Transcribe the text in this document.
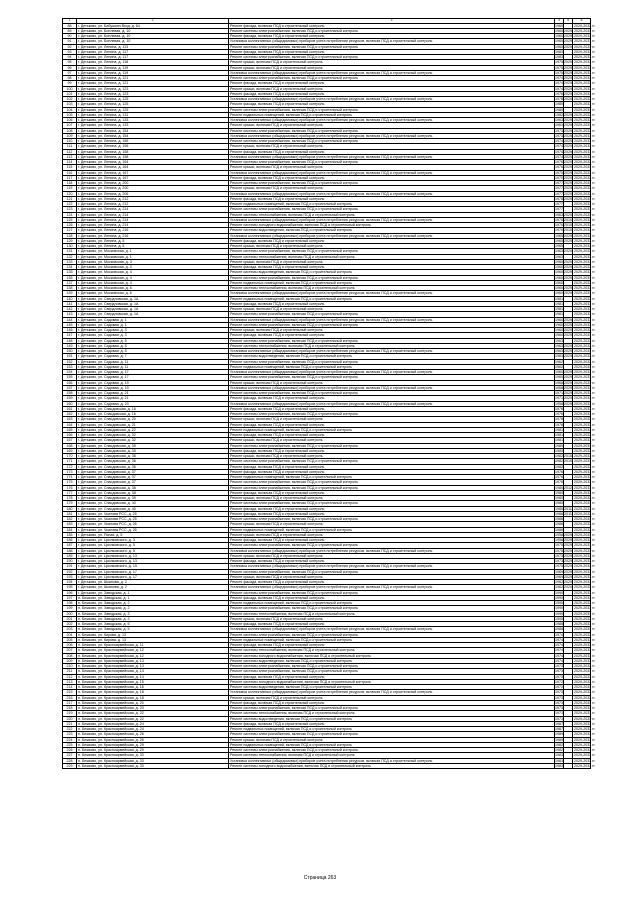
1	2	3	4	5	6
88	г. Детьково, ул. Бабушкин Вход, д. 64	Ремонт фасада, включая ПСД и строительный контроль	1960		2029-2033 гг.
89	г. Детьково, ул. Бонлевая, д. 10	Ремонт системы электроснабжения, включая ПСД и строительный контроль	1960	2029	2029-2033 гг.
90	г. Детьково, ул. Бонлевая, д. 10	Ремонт фасада, включая ПСД и строительный контроль	1960	2029	2029-2033 гг.
91	г. Детьково, ул. Бонлевая, д. 10	Установка коллективных (общедомовых) приборов учета потребления ресурсов, включая ПСД и строительный контроль	1960	2029	2029-2033 гг.
92	г. Детьково, ул. Ленина, д. 113	Ремонт системы электроснабжения, включая ПСД и строительный контроль	1960	2029	2029-2033 гг.
93	г. Детьково, ул. Ленина, д. 117	Ремонт фасада, включая ПСД и строительный контроль	1983		2029-2033 гг.
94	г. Детьково, ул. Ленина, д. 117	Ремонт системы электроснабжения, включая ПСД и строительный контроль	1983		2029-2033 гг.
95	г. Детьково, ул. Ленина, д. 118	Ремонт крыши, включая ПСД и строительный контроль	1975	2029	2029-2033 гг.
96	г. Детьково, ул. Ленина, д. 119	Ремонт крыши, включая ПСД и строительный контроль	1975	2029	2029-2033 гг.
97	г. Детьково, ул. Ленина, д. 119	Установка коллективных (общедомовых) приборов учета потребления ресурсов, включая ПСД и строительный контроль	1975	2029	2029-2033 гг.
98	г. Детьково, ул. Ленина, д. 121	Ремонт системы электроснабжения, включая ПСД и строительный контроль	1974	2029	2029-2033 гг.
99	г. Детьково, ул. Ленина, д. 121	Ремонт фасада, включая ПСД и строительный контроль	1974	2029	2029-2033 гг.
100	г. Детьково, ул. Ленина, д. 123	Ремонт крыши, включая ПСД и строительный контроль	1974	2029	2029-2033 гг.
101	г. Детьково, ул. Ленина, д. 123	Ремонт фасада, включая ПСД и строительный контроль	1978	2029	2029-2033 гг.
102	г. Детьково, ул. Ленина, д. 125	Установка коллективных (общедомовых) приборов учета потребления ресурсов, включая ПСД и строительный контроль	1978	2029	2029-2033 гг.
103	г. Детьково, ул. Ленина, д. 125	Ремонт фасада, включая ПСД и строительный контроль	1980		2029-2033 гг.
104	г. Детьково, ул. Ленина, д. 125	Ремонт системы электроснабжения, включая ПСД и строительный контроль	1980		2029-2033 гг.
105	г. Детьково, ул. Ленина, д. 131	Ремонт подвальных помещений, включая ПСД и строительный контроль	1982	2029	2029-2033 гг.
106	г. Детьково, ул. Ленина, д. 133	Установка коллективных (общедомовых) приборов учета потребления ресурсов, включая ПСД и строительный контроль	1963	2029	2029-2033 гг.
107	г. Детьково, ул. Ленина, д. 133	Ремонт крыши, включая ПСД и строительный контроль	1963	2029	2029-2033 гг.
108	г. Детьково, ул. Ленина, д. 154	Ремонт системы электроснабжения, включая ПСД и строительный контроль	1973	2029	2029-2033 гг.
109	г. Детьково, ул. Ленина, д. 154	Установка коллективных (общедомовых) приборов учета потребления ресурсов, включая ПСД и строительный контроль	1973	2029	2029-2033 гг.
110	г. Детьково, ул. Ленина, д. 156	Ремонт системы электроснабжения, включая ПСД и строительный контроль	1974	2029	2029-2033 гг.
111	г. Детьково, ул. Ленина, д. 156	Ремонт крыши, включая ПСД и строительный контроль	1974	2029	2029-2033 гг.
112	г. Детьково, ул. Ленина, д. 158	Ремонт фасада, включая ПСД и строительный контроль	1974	2029	2029-2033 гг.
113	г. Детьково, ул. Ленина, д. 158	Установка коллективных (общедомовых) приборов учета потребления ресурсов, включая ПСД и строительный контроль	1974	2029	2029-2033 гг.
114	г. Детьково, ул. Ленина, д. 164	Ремонт системы электроснабжения, включая ПСД и строительный контроль	1976	2029	2029-2033 гг.
115	г. Детьково, ул. Ленина, д. 164	Ремонт крыши, включая ПСД и строительный контроль	1976	2029	2029-2033 гг.
116	г. Детьково, ул. Ленина, д. 167	Установка коллективных (общедомовых) приборов учета потребления ресурсов, включая ПСД и строительный контроль	1970	2029	2029-2033 гг.
117	г. Детьково, ул. Ленина, д. 167	Ремонт фасада, включая ПСД и строительный контроль	1970	2029	2029-2033 гг.
118	г. Детьково, ул. Ленина, д. 200	Ремонт системы электроснабжения, включая ПСД и строительный контроль	1977	2029	2029-2033 гг.
119	г. Детьково, ул. Ленина, д. 200	Ремонт крыши, включая ПСД и строительный контроль	1977	2029	2029-2033 гг.
120	г. Детьково, ул. Ленина, д. 206	Установка коллективных (общедомовых) приборов учета потребления ресурсов, включая ПСД и строительный контроль	1977	2029	2029-2033 гг.
121	г. Детьково, ул. Ленина, д. 212	Ремонт фасада, включая ПСД и строительный контроль	1978	2029	2029-2033 гг.
122	г. Детьково, ул. Ленина, д. 212	Ремонт подвальных помещений, включая ПСД и строительный контроль	1977		2029-2033 гг.
123	г. Детьково, ул. Ленина, д. 214	Ремонт системы электроснабжения, включая ПСД и строительный контроль	1977		2029-2033 гг.
124	г. Детьково, ул. Ленина, д. 214	Ремонт системы теплоснабжения, включая ПСД и строительный контроль	1963	2029	2029-2033 гг.
125	г. Детьково, ул. Ленина, д. 214	Установка коллективных (общедомовых) приборов учета потребления ресурсов, включая ПСД и строительный контроль	1970	2010	2029-2033 гг.
126	г. Детьково, ул. Ленина, д. 214	Ремонт системы холодного водоснабжения, включая ПСД и строительный контроль	1970	2010	2029-2033 гг.
127	г. Детьково, ул. Ленина, д. 216	Ремонт системы водоотведения, включая ПСД и строительный контроль	1970	2010	2029-2033 гг.
128	г. Детьково, ул. Ленина, д. 216	Установка коллективных (общедомовых) приборов учета потребления ресурсов, включая ПСД и строительный контроль	1965	2029	2029-2033 гг.
129	г. Детьково, ул. Ленина, д. 5	Ремонт фасада, включая ПСД и строительный контроль	1965	2029	2029-2033 гг.
130	г. Детьково, ул. Ленина, д. 5	Ремонт крыши, включая ПСД и строительный контроль	1965		2029-2033 гг.
131	г. Детьково, ул. Московская, д. 1	Ремонт системы электроснабжения, включая ПСД и строительный контроль	1963	2029	2029-2033 гг.
132	г. Детьково, ул. Московская, д. 1	Ремонт системы теплоснабжения, включая ПСД и строительный контроль	1963		2029-2033 гг.
133	г. Детьково, ул. Московская, д. 3	Ремонт крыши, включая ПСД и строительный контроль	1960	2029	2029-2033 гг.
134	г. Детьково, ул. Московская, д. 3	Ремонт фасада, включая ПСД и строительный контроль	1960	2029	2029-2033 гг.
135	г. Детьково, ул. Московская, д. 4	Ремонт системы водоотведения, включая ПСД и строительный контроль	1960	2029	2029-2033 гг.
136	г. Детьково, ул. Московская, д. 4	Ремонт системы электроснабжения, включая ПСД и строительный контроль	1960	2029	2029-2033 гг.
137	г. Детьково, ул. Московская, д. 4	Ремонт подвальных помещений, включая ПСД и строительный контроль	1960		2029-2033 гг.
138	г. Детьково, ул. Московская, д. 6	Ремонт системы теплоснабжения, включая ПСД и строительный контроль	1960	2029	2029-2033 гг.
139	г. Детьково, ул. Московская, д. 6	Установка коллективных (общедомовых) приборов учета потребления ресурсов, включая ПСД и строительный контроль	1960	2029	2029-2033 гг.
140	г. Детьково, ул. Свердловская, д. 1А	Ремонт подвальных помещений, включая ПСД и строительный контроль	1981		2029-2033 гг.
141	г. Детьково, ул. Свердловская, д. 1А	Ремонт фасада, включая ПСД и строительный контроль	1981		2029-2033 гг.
142	г. Детьково, ул. Свердловская, д. 1А	Ремонт крыши, включая ПСД и строительный контроль	1981		2029-2033 гг.
143	г. Детьково, ул. Свердловская, д. 1А	Ремонт системы электроснабжения, включая ПСД и строительный контроль	1981		2029-2033 гг.
144	г. Детьково, ул. Садовая, д. 1	Установка коллективных (общедомовых) приборов учета потребления ресурсов, включая ПСД и строительный контроль	1960	2029	2029-2033 гг.
145	г. Детьково, ул. Садовая, д. 1	Ремонт системы электроснабжения, включая ПСД и строительный контроль	1960	2029	2029-2033 гг.
146	г. Детьково, ул. Садовая, д. 3	Ремонт крыши, включая ПСД и строительный контроль	1960	2029	2029-2033 гг.
147	г. Детьково, ул. Садовая, д. 3	Ремонт фасада, включая ПСД и строительный контроль	1960	2029	2029-2033 гг.
148	г. Детьково, ул. Садовая, д. 5	Ремонт системы электроснабжения, включая ПСД и строительный контроль	1963		2029-2033 гг.
149	г. Детьково, ул. Садовая, д. 5	Ремонт системы теплоснабжения, включая ПСД и строительный контроль	1963	2029	2029-2033 гг.
150	г. Детьково, ул. Садовая, д. 5	Установка коллективных (общедомовых) приборов учета потребления ресурсов, включая ПСД и строительный контроль	1963	2029	2029-2033 гг.
151	г. Детьково, ул. Садовая, д. 7	Ремонт системы водоотведения, включая ПСД и строительный контроль	1963	2029	2029-2033 гг.
152	г. Детьково, ул. Садовая, д. 11	Ремонт системы электроснабжения, включая ПСД и строительный контроль	1962		2029-2033 гг.
153	г. Детьково, ул. Садовая, д. 11	Ремонт подвальных помещений, включая ПСД и строительный контроль	1962		2029-2033 гг.
154	г. Детьково, ул. Садовая, д. 17	Установка коллективных (общедомовых) приборов учета потребления ресурсов, включая ПСД и строительный контроль	1960	2029	2029-2033 гг.
155	г. Детьково, ул. Садовая, д. 17	Ремонт системы электроснабжения, включая ПСД и строительный контроль	1960	2029	2029-2033 гг.
156	г. Детьково, ул. Садовая, д. 19	Ремонт крыши, включая ПСД и строительный контроль	1968	2029	2029-2033 гг.
157	г. Детьково, ул. Садовая, д. 19	Установка коллективных (общедомовых) приборов учета потребления ресурсов, включая ПСД и строительный контроль	1968	2029	2029-2033 гг.
158	г. Детьково, ул. Садовая, д. 21	Ремонт системы электроснабжения, включая ПСД и строительный контроль	1971	2029	2029-2033 гг.
159	г. Детьково, ул. Садовая, д. 21	Ремонт фасада, включая ПСД и строительный контроль	1971	2029	2029-2033 гг.
160	г. Детьково, ул. Садовая, д. 23	Установка коллективных (общедомовых) приборов учета потребления ресурсов, включая ПСД и строительный контроль	1958	2029	2029-2033 гг.
161	г. Детьково, ул. Спасдовская, д. 16	Ремонт фасада, включая ПСД и строительный контроль	1976		2029-2033 гг.
162	г. Детьково, ул. Спасдовская, д. 16	Ремонт системы электроснабжения, включая ПСД и строительный контроль	1976		2029-2033 гг.
163	г. Детьково, ул. Спасдовская, д. 20	Ремонт крыши, включая ПСД и строительный контроль	1978		2029-2033 гг.
164	г. Детьково, ул. Спасдовская, д. 21	Ремонт фасада, включая ПСД и строительный контроль	1978		2029-2033 гг.
165	г. Детьково, ул. Спасдовская, д. 22	Ремонт подвальных помещений, включая ПСД и строительный контроль	1981		2029-2033 гг.
166	г. Детьково, ул. Спасдовская, д. 32	Ремонт фасада, включая ПСД и строительный контроль	1981		2029-2033 гг.
167	г. Детьково, ул. Спасдовская, д. 32	Ремонт крыши, включая ПСД и строительный контроль	1981		2029-2033 гг.
168	г. Детьково, ул. Спасдовская, д. 35	Ремонт системы электроснабжения, включая ПСД и строительный контроль	1980		2029-2033 гг.
169	г. Детьково, ул. Спасдовская, д. 35	Ремонт фасада, включая ПСД и строительный контроль	1980		2029-2033 гг.
170	г. Детьково, ул. Спасдовская, д. 36	Ремонт крыши, включая ПСД и строительный контроль	1982	2010	2029-2033 гг.
171	г. Детьково, ул. Спасдовская, д. 36	Ремонт системы электроснабжения, включая ПСД и строительный контроль	1982	2010	2029-2033 гг.
172	г. Детьково, ул. Спасдовская, д. 36	Ремонт фасада, включая ПСД и строительный контроль	1982		2029-2033 гг.
173	г. Детьково, ул. Спасдовская, д. 37	Ремонт фасада, включая ПСД и строительный контроль	1976		2029-2033 гг.
174	г. Детьково, ул. Спасдовская, д. 37	Ремонт подвальных помещений, включая ПСД и строительный контроль	1976		2029-2033 гг.
175	г. Детьково, ул. Спасдовская, д. 37	Ремонт системы электроснабжения, включая ПСД и строительный контроль	1976		2029-2033 гг.
176	г. Детьково, ул. Спасдовская, д. 38	Ремонт системы электроснабжения, включая ПСД и строительный контроль	1980	2012	2029-2033 гг.
177	г. Детьково, ул. Спасдовская, д. 38	Ремонт фасада, включая ПСД и строительный контроль	1980		2029-2033 гг.
178	г. Детьково, ул. Спасдовская, д. 39	Ремонт крыши, включая ПСД и строительный контроль	1980		2029-2033 гг.
179	г. Детьково, ул. Спасдовская, д. 40	Ремонт системы электроснабжения, включая ПСД и строительный контроль	1980		2029-2033 гг.
180	г. Детьково, ул. Спасдовская, д. 40	Ремонт фасада, включая ПСД и строительный контроль	1980	2011	2029-2033 гг.
181	г. Детьково, ул. Чкалова РСС, д. 25	Ремонт фасада, включая ПСД и строительный контроль	1986	2011	2029-2033 гг.
182	г. Детьково, ул. Чкалова РСС, д. 25	Ремонт системы электроснабжения, включая ПСД и строительный контроль	1986		2029-2033 гг.
183	г. Детьково, ул. Чкалова РСС, д. 26	Ремонт крыши, включая ПСД и строительный контроль	1986		2029-2033 гг.
184	г. Детьково, ул. Чкалова РСС, д. 26	Ремонт подвальных помещений, включая ПСД и строительный контроль	1986		2029-2033 гг.
185	г. Детьково, ул. Ясная, д. 5	Ремонт крыши, включая ПСД и строительный контроль	1958	2029	2029-2033 гг.
186	г. Детьково, ул. Циолковского, д. 3	Ремонт фасада, включая ПСД и строительный контроль	1958	2029	2029-2033 гг.
187	г. Детьково, ул. Циолковского, д. 5	Ремонт системы электроснабжения, включая ПСД и строительный контроль	1975	2029	2029-2033 гг.
188	г. Детьково, ул. Циолковского, д. 5	Установка коллективных (общедомовых) приборов учета потребления ресурсов, включая ПСД и строительный контроль	1975	2029	2029-2033 гг.
189	г. Детьково, ул. Циолковского, д. 13	Ремонт крыши, включая ПСД и строительный контроль	1973	2029	2029-2033 гг.
190	г. Детьково, ул. Циолковского, д. 13	Ремонт фасада, включая ПСД и строительный контроль	1973	2029	2029-2033 гг.
191	г. Детьково, ул. Циолковского, д. 15	Установка коллективных (общедомовых) приборов учета потребления ресурсов, включая ПСД и строительный контроль	1975	2029	2029-2033 гг.
192	г. Детьково, ул. Циолковского, д. 17	Ремонт системы электроснабжения, включая ПСД и строительный контроль	1969	2029	2029-2033 гг.
193	г. Детьково, ул. Циолковского, д. 17	Ремонт крыши, включая ПСД и строительный контроль	1969	2029	2029-2033 гг.
194	г. Детьково, ул. Шкапова, д. 2	Ремонт фасада, включая ПСД и строительный контроль	1962	2029	2029-2033 гг.
195	г. Детьково, ул. Шкапова, д. 2	Установка коллективных (общедомовых) приборов учета потребления ресурсов, включая ПСД и строительный контроль	1962	2029	2029-2033 гг.
196	г. Детьково, ул. Заводская, д. 1	Ремонт системы электроснабжения, включая ПСД и строительный контроль	1990		2029-2033 гг.
197	п. Бежково, ул. Заводская, д. 1	Ремонт фасада, включая ПСД и строительный контроль	1990		2029-2033 гг.
198	п. Бежково, ул. Заводская, д. 2	Ремонт подвальных помещений, включая ПСД и строительный контроль	1990		2029-2033 гг.
199	п. Бежково, ул. Заводская, д. 2	Ремонт системы электроснабжения, включая ПСД и строительный контроль	1990		2029-2033 гг.
200	п. Бежково, ул. Заводская, д. 3	Ремонт системы теплоснабжения, включая ПСД и строительный контроль	1990		2029-2033 гг.
201	п. Бежково, ул. Заводская, д. 3	Ремонт крыши, включая ПСД и строительный контроль	1990		2029-2033 гг.
202	п. Бежково, ул. Заводская, д. 5	Ремонт фасада, включая ПСД и строительный контроль	1988		2029-2033 гг.
203	п. Бежково, ул. Заводская, д. 5	Установка коллективных (общедомовых) приборов учета потребления ресурсов, включая ПСД и строительный контроль	1988		2029-2033 гг.
204	п. Бежково, ул. Кирова, д. 13	Ремонт системы электроснабжения, включая ПСД и строительный контроль	1974		2029-2033 гг.
205	п. Бежково, ул. Кирова, д. 13	Ремонт подвальных помещений, включая ПСД и строительный контроль	1974		2029-2033 гг.
206	п. Бежково, ул. Красноармейская, д. 11	Ремонт фасада, включая ПСД и строительный контроль	1974		2029-2033 гг.
207	п. Бежково, ул. Красноармейская, д. 12	Ремонт системы теплоснабжения, включая ПСД и строительный контроль	1974		2029-2033 гг.
208	п. Бежково, ул. Красноармейская, д. 12	Ремонт системы холодного водоснабжения, включая ПСД и строительный контроль	1974		2029-2033 гг.
209	п. Бежково, ул. Красноармейская, д. 13	Ремонт системы водоотведения, включая ПСД и строительный контроль	1974		2029-2033 гг.
210	п. Бежково, ул. Красноармейская, д. 13	Ремонт системы электроснабжения, включая ПСД и строительный контроль	1973		2029-2033 гг.
211	п. Бежково, ул. Красноармейская, д. 14	Ремонт системы электроснабжения, включая ПСД и строительный контроль	1973		2029-2033 гг.
212	п. Бежково, ул. Красноармейская, д. 14	Ремонт фасада, включая ПСД и строительный контроль	1973		2029-2033 гг.
213	п. Бежково, ул. Красноармейская, д. 15	Ремонт системы холодного водоснабжения, включая ПСД и строительный контроль	1972		2029-2033 гг.
214	п. Бежково, ул. Красноармейская, д. 16	Ремонт системы водоотведения, включая ПСД и строительный контроль	1972		2029-2033 гг.
215	п. Бежково, ул. Красноармейская, д. 18	Установка коллективных (общедомовых) приборов учета потребления ресурсов, включая ПСД и строительный контроль	1973		2029-2033 гг.
216	п. Бежково, ул. Красноармейская, д. 18	Ремонт крыши, включая ПСД и строительный контроль	1973		2029-2033 гг.
217	п. Бежково, ул. Красноармейская, д. 20	Ремонт фасада, включая ПСД и строительный контроль	1973		2029-2033 гг.
218	п. Бежково, ул. Красноармейская, д. 20	Ремонт системы электроснабжения, включая ПСД и строительный контроль	1973		2029-2033 гг.
219	п. Бежково, ул. Красноармейская, д. 22	Ремонт системы теплоснабжения, включая ПСД и строительный контроль	1973		2029-2033 гг.
220	п. Бежково, ул. Красноармейская, д. 22	Ремонт системы водоотведения, включая ПСД и строительный контроль	1973		2029-2033 гг.
221	п. Бежково, ул. Красноармейская, д. 24	Ремонт фасада, включая ПСД и строительный контроль	1987		2029-2033 гг.
222	п. Бежково, ул. Красноармейская, д. 24	Ремонт подвальных помещений, включая ПСД и строительный контроль	1987		2029-2033 гг.
223	п. Бежково, ул. Красноармейская, д. 26	Ремонт системы электроснабжения, включая ПСД и строительный контроль	1989		2029-2033 гг.
224	п. Бежково, ул. Красноармейская, д. 26	Ремонт крыши, включая ПСД и строительный контроль	1989		2029-2033 гг.
225	п. Бежково, ул. Красноармейская, д. 29	Ремонт подвальных помещений, включая ПСД и строительный контроль	1982		2029-2033 гг.
226	п. Бежково, ул. Красноармейская, д. 29	Ремонт системы электроснабжения, включая ПСД и строительный контроль	1982		2029-2033 гг.
227	п. Бежково, ул. Красноармейская, д. 33	Ремонт системы теплоснабжения, включая ПСД и строительный контроль	1983		2029-2033 гг.
228	п. Бежково, ул. Красноармейская, д. 33	Установка коллективных (общедомовых) приборов учета потребления ресурсов, включая ПСД и строительный контроль	1983		2029-2033 гг.
229	п. Бежково, ул. Красноармейская, д. 33	Ремонт системы холодного водоснабжения, включая ПСД и строительный контроль	1983		2029-2033 гг.
Страница 263
